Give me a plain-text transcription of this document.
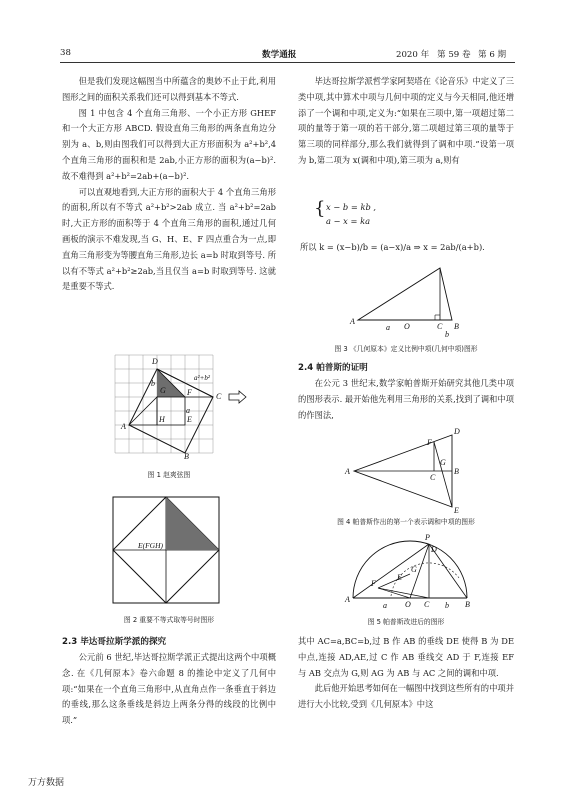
38	数学通报	2020 年 第 59 卷 第 6 期

但是我们发现这幅图当中所蕴含的奥妙不止于此,利用图形之间的面积关系我们还可以得到基本不等式.

图 1 中包含 4 个直角三角形、一个小正方形 GHEF 和一个大正方形 ABCD. 假设直角三角形的两条直角边分别为 a、b,则由图我们可以得到大正方形面积为 a²+b²,4 个直角三角形的面积和是 2ab,小正方形的面积为(a−b)². 故不难得到 a²+b²=2ab+(a−b)².

可以直观地看到,大正方形的面积大于 4 个直角三角形的面积,所以有不等式 a²+b²>2ab 成立. 当 a²+b²=2ab 时,大正方形的面积等于 4 个直角三角形的面积,通过几何画板的演示不难发现,当 G、H、E、F 四点重合为一点,即直角三角形变为等腰直角三角形,边长 a=b 时取到等号. 所以有不等式 a²+b²≥2ab,当且仅当 a=b 时取到等号. 这就是重要不等式.

D
A
C
B
G	F
H	E
b
a
a²+b²
图 1 赵爽弦图
E(FGH)
图 2 重要不等式取等号时图形
2.3 毕达哥拉斯学派的探究

公元前 6 世纪,毕达哥拉斯学派正式提出这两个中项概念. 在《几何原本》卷六命题 8 的推论中定义了几何中项:“如果在一个直角三角形中,从直角点作一条垂直于斜边的垂线,那么这条垂线是斜边上两条分得的线段的比例中项.”

毕达哥拉斯学派哲学家阿契塔在《论音乐》中定义了三类中项,其中算术中项与几何中项的定义与今天相同,他还增添了一个调和中项,定义为:“如果在三项中,第一项超过第二项的量等于第一项的若干部分,第二项超过第三项的量等于第三项的同样部分,那么我们就得到了调和中项.”设第一项为 b,第二项为 x(调和中项),第三项为 a,则有

{ x − b = kb ,
a − x = ka
所以 k = (x−b)/b = (a−x)/a ⇒ x = 2ab/(a+b).
A
O	C B
a
b
图 3 《几何原本》定义比例中项(几何中项)图形
2.4 帕普斯的证明

在公元 3 世纪末,数学家帕普斯开始研究其他几类中项的图形表示. 最开始他先利用三角形的关系,找到了调和中项的作图法,

A
D
E
B
F
C
G
图 4 帕普斯作出的第一个表示调和中项的图形
P
D
A
O C	B
F
E
G
a	b
图 5 帕普斯改进后的图形

其中 AC=a,BC=b,过 B 作 AB 的垂线 DE 使得 B 为 DE 中点,连接 AD,AE,过 C 作 AB 垂线交 AD 于 F,连接 EF 与 AB 交点为 G,则 AG 为 AB 与 AC 之间的调和中项.

此后他开始思考如何在一幅图中找到这些所有的中项并进行大小比较,受到《几何原本》中这

万方数据
